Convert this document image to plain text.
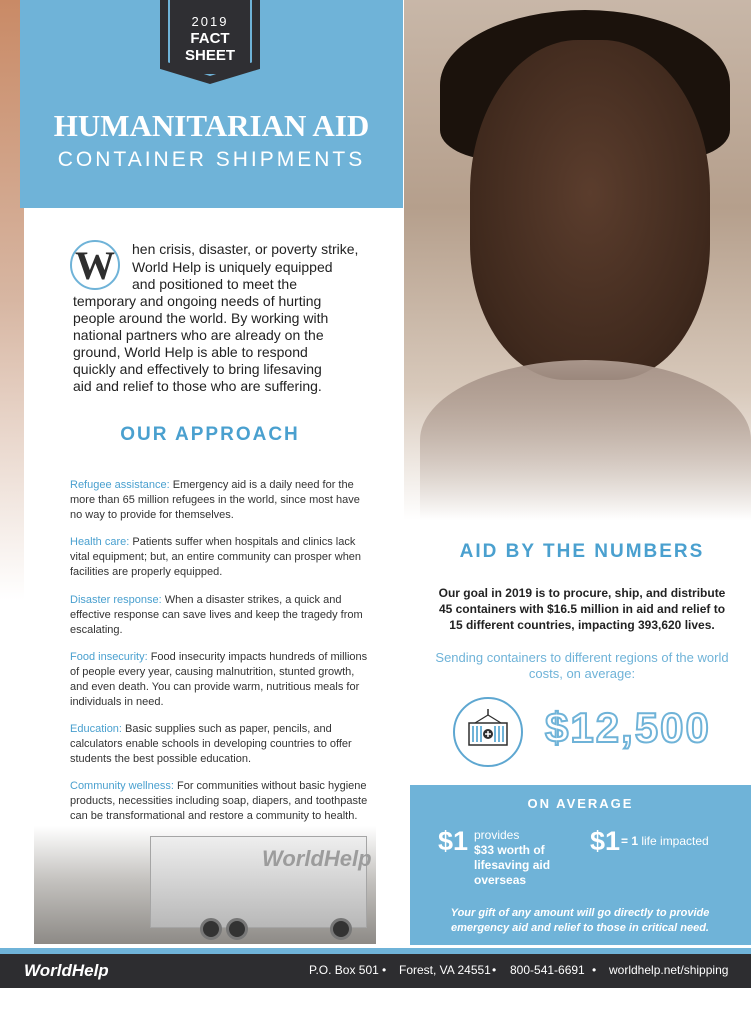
2019
FACT
SHEET
HUMANITARIAN AID
CONTAINER SHIPMENTS
W	hen crisis, disaster, or poverty strike,
World Help is uniquely equipped
and positioned to meet the
temporary and ongoing needs of hurting
people around the world. By working with
national partners who are already on the
ground, World Help is able to respond
quickly and effectively to bring lifesaving
aid and relief to those who are suffering.
OUR APPROACH
Refugee assistance: Emergency aid is a daily need for the more than 65 million refugees in the world, since most have no way to provide for themselves.
Health care: Patients suffer when hospitals and clinics lack vital equipment; but, an entire community can prosper when facilities are properly equipped.
Disaster response: When a disaster strikes, a quick and effective response can save lives and keep the tragedy from escalating.
Food insecurity: Food insecurity impacts hundreds of millions of people every year, causing malnutrition, stunted growth, and even death. You can provide warm, nutritious meals for individuals in need.
Education: Basic supplies such as paper, pencils, and calculators enable schools in developing countries to offer students the best possible education.
Community wellness: For communities without basic hygiene products, necessities including soap, diapers, and toothpaste can be transformational and restore a community to health.
WorldHelp
AID BY THE NUMBERS
Our goal in 2019 is to procure, ship, and distribute 45 containers with $16.5 million in aid and relief to 15 different countries, impacting 393,620 lives.
Sending containers to different regions of the world costs, on average:
$12,500
ON AVERAGE
$1 provides
$33 worth of
lifesaving aid
overseas
$1 = 1 life impacted
Your gift of any amount will go directly to provide emergency aid and relief to those in critical need.
WorldHelp	P.O. Box 501 • Forest, VA 24551 • 800-541-6691 • worldhelp.net/shipping
